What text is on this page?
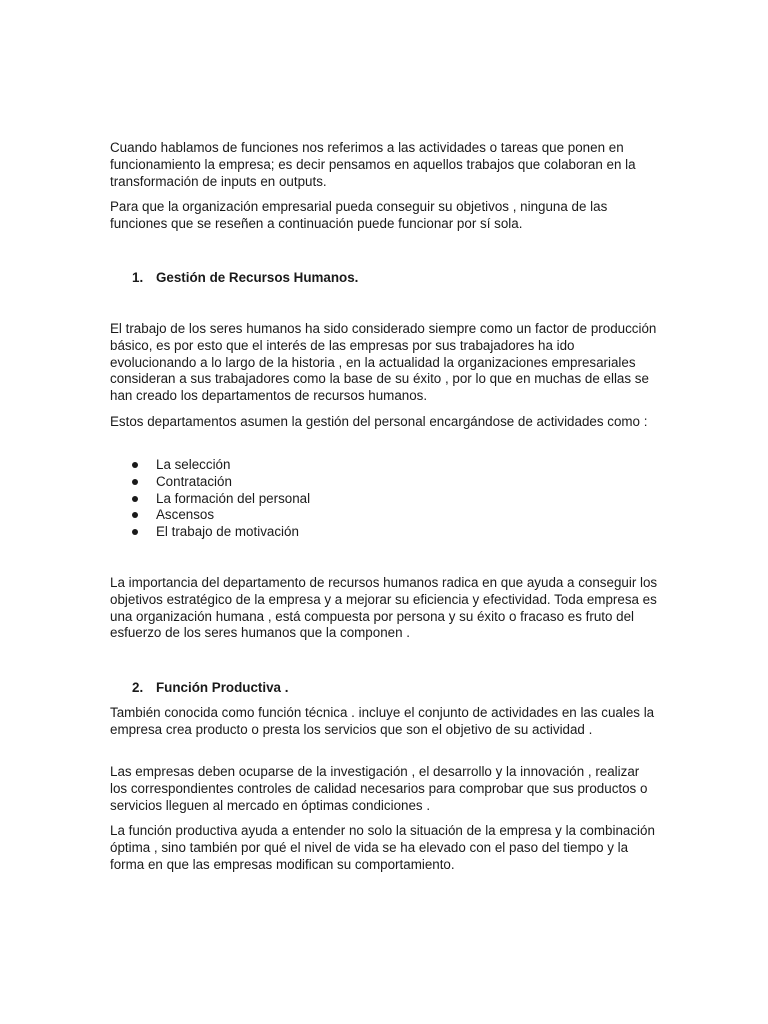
Cuando hablamos de funciones nos referimos a las actividades o tareas que ponen en funcionamiento la empresa; es decir pensamos en aquellos trabajos que colaboran en la transformación de inputs en outputs.

Para que la organización empresarial pueda conseguir su objetivos , ninguna de las funciones que se reseñen a continuación puede funcionar por sí sola.

1. Gestión de Recursos Humanos.

El trabajo de los seres humanos ha sido considerado siempre como un factor de producción básico, es por esto que el interés de las empresas por sus trabajadores ha ido evolucionando a lo largo de la historia , en la actualidad la organizaciones empresariales consideran a sus trabajadores como la base de su éxito , por lo que en muchas de ellas se han creado los departamentos de recursos humanos.

Estos departamentos asumen la gestión del personal encargándose de actividades como :

La selección
Contratación
La formación del personal
Ascensos
El trabajo de motivación

La importancia del departamento de recursos humanos radica en que ayuda a conseguir los objetivos estratégico de la empresa y a mejorar su eficiencia y efectividad. Toda empresa es una organización humana , está compuesta por persona y su éxito o fracaso es fruto del esfuerzo de los seres humanos que la componen .

2. Función Productiva .

También conocida como función técnica . incluye el conjunto de actividades en las cuales la empresa crea producto o presta los servicios que son el objetivo de su actividad .

Las empresas deben ocuparse de la investigación , el desarrollo y la innovación , realizar los correspondientes controles de calidad necesarios para comprobar que sus productos o servicios lleguen al mercado en óptimas condiciones .

La función productiva ayuda a entender no solo la situación de la empresa y la combinación óptima , sino también por qué el nivel de vida se ha elevado con el paso del tiempo y la forma en que las empresas modifican su comportamiento.
